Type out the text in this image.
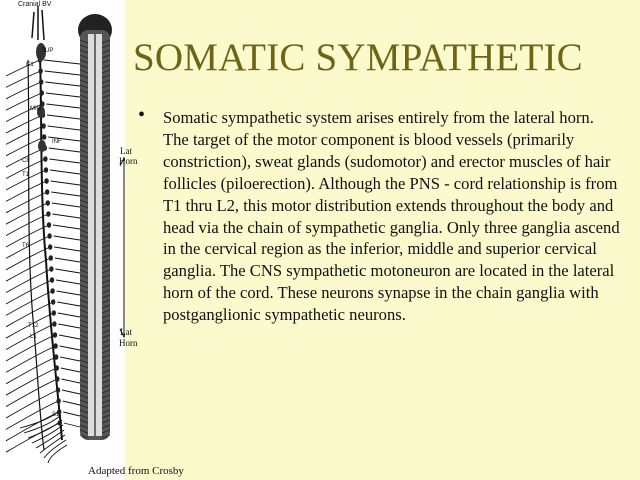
Cranial BV
SUP
C1
MID
INF
C8
T1
T6
T12
L1
S1
Lat
Horn
Lat
Horn
SOMATIC SYMPATHETIC
• Somatic sympathetic system arises entirely from the lateral horn. The target of the motor component is blood vessels (primarily constriction), sweat glands (sudomotor) and erector muscles of hair follicles (piloerection). Although the PNS - cord relationship is from T1 thru L2, this motor distribution extends throughout the body and head via the chain of sympathetic ganglia. Only three ganglia ascend in the cervical region as the inferior, middle and superior cervical ganglia. The CNS sympathetic motoneuron are located in the lateral horn of the cord. These neurons synapse in the chain ganglia with postganglionic sympathetic neurons.
Adapted from Crosby
